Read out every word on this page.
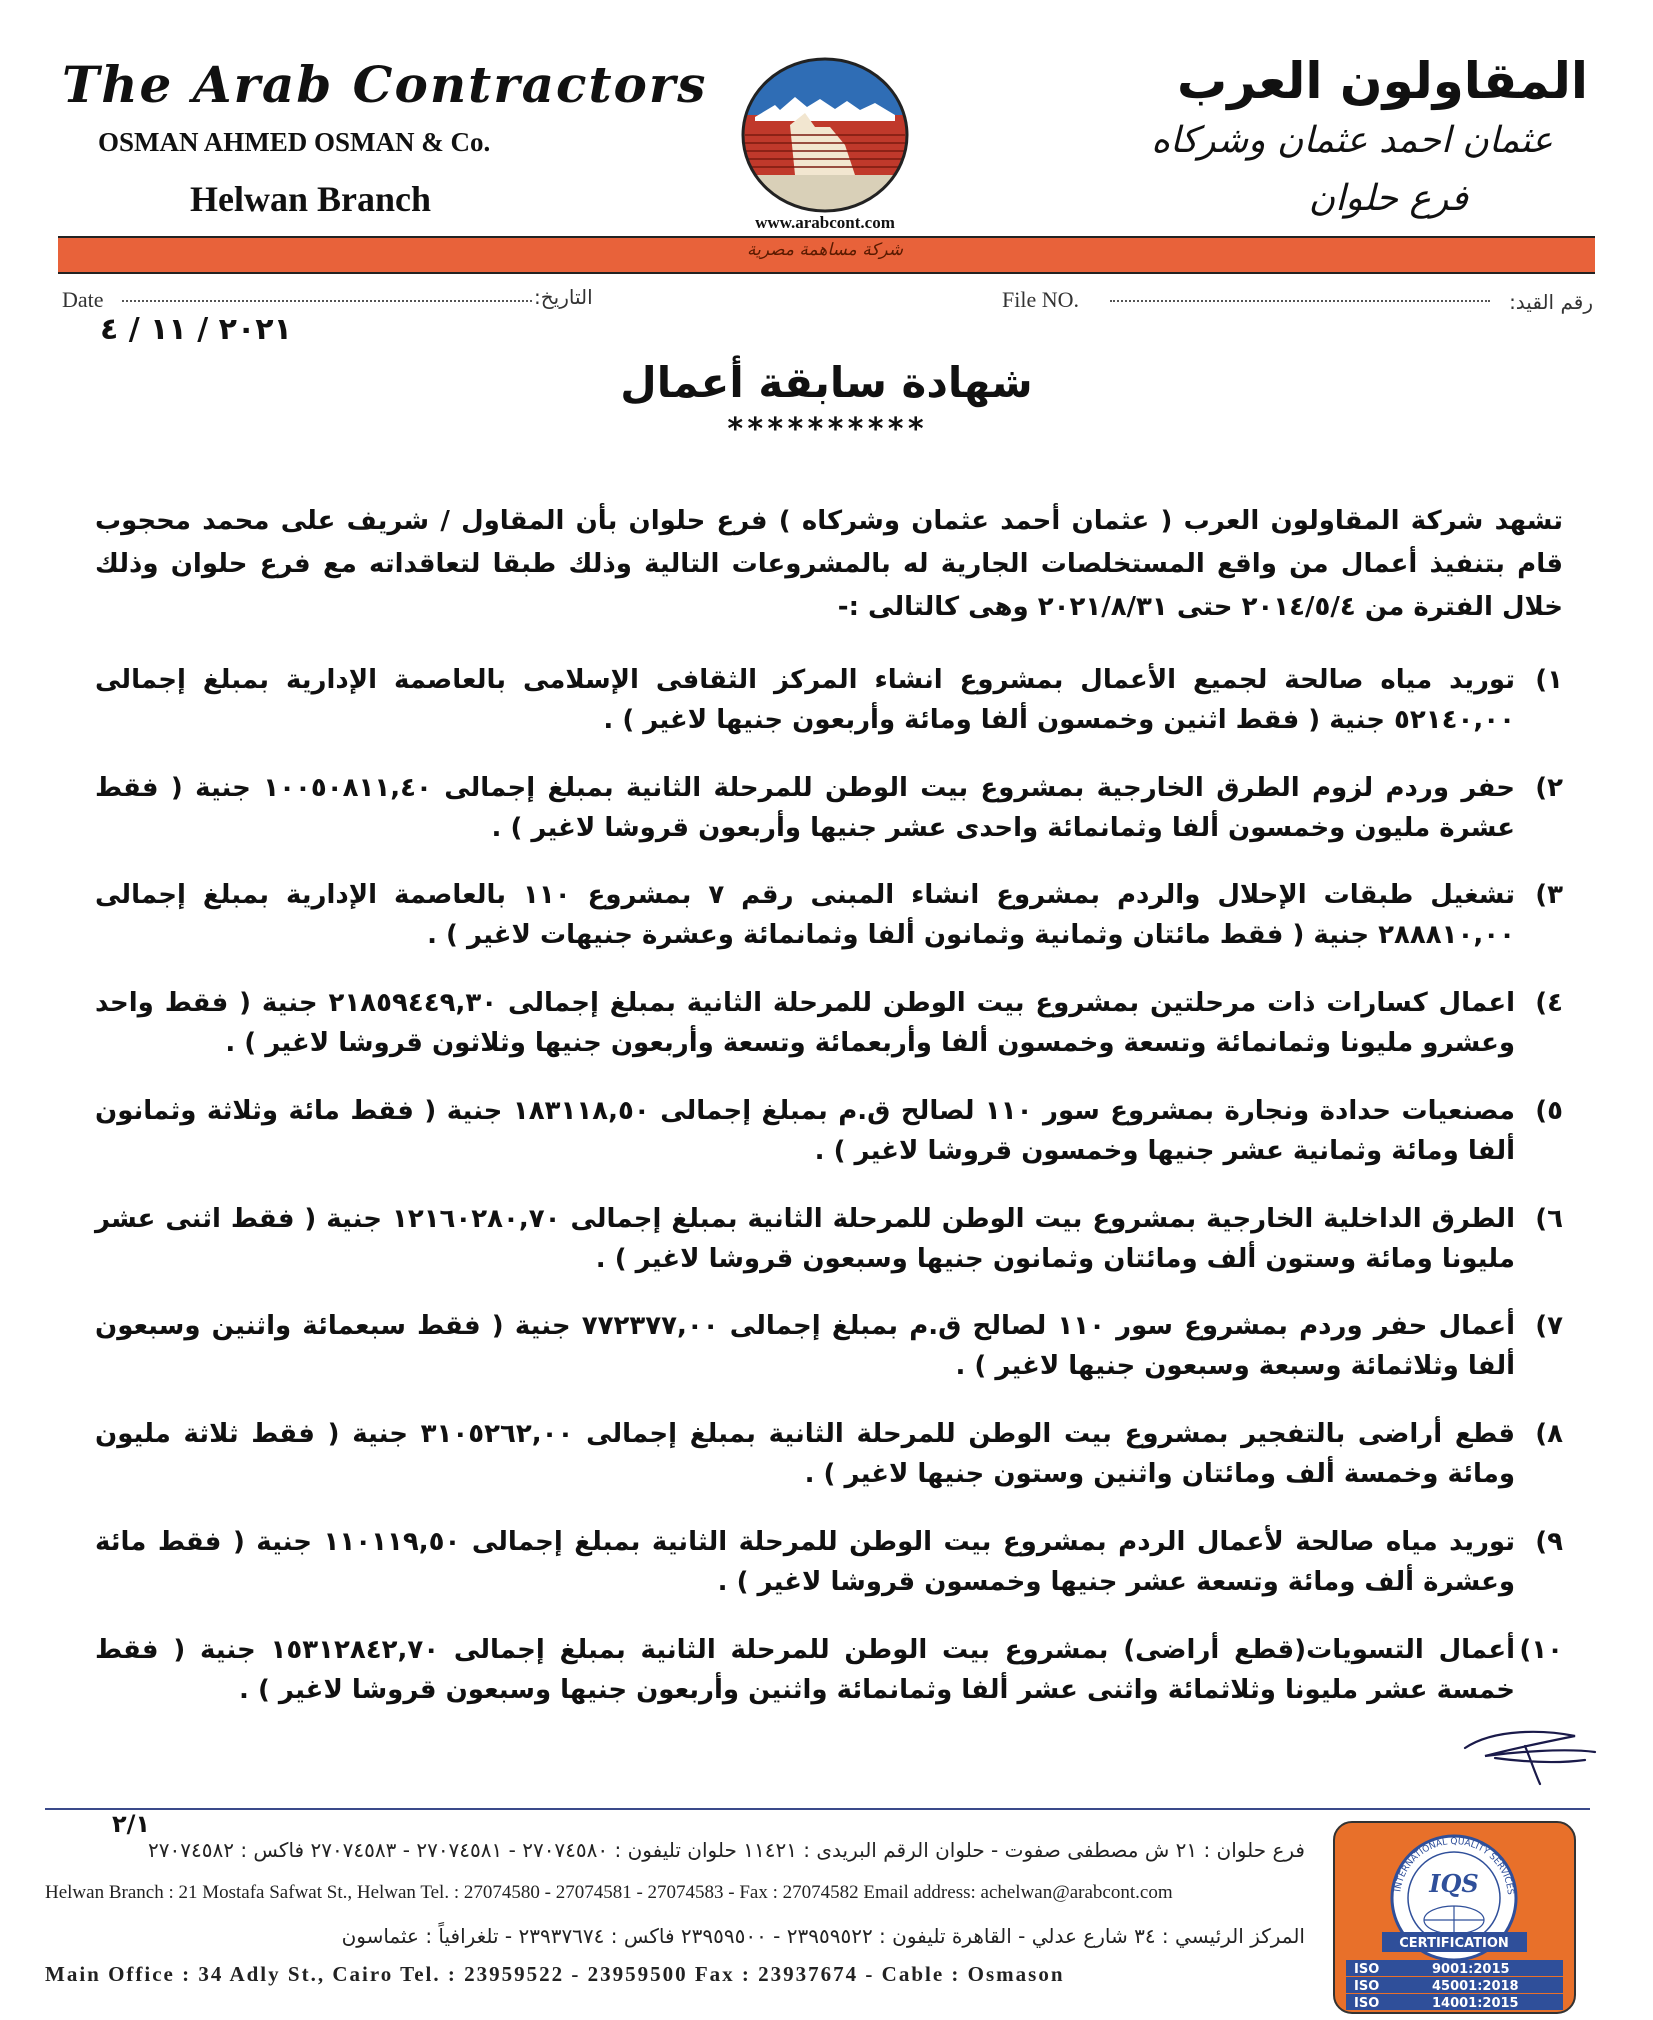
The Arab Contractors
OSMAN AHMED OSMAN & Co.
Helwan Branch
المقاولون العرب
عثمان احمد عثمان وشركاه
فرع حلوان
www.arabcont.com
شركة مساهمة مصرية
Date	التاريخ:	File NO.	رقم القيد:
٢٠٢١ / ١١ / ٤
شهادة سابقة أعمال
**********
تشهد شركة المقاولون العرب ( عثمان أحمد عثمان وشركاه ) فرع حلوان بأن المقاول / شريف على محمد محجوب قام بتنفيذ أعمال من واقع المستخلصات الجارية له بالمشروعات التالية وذلك طبقا لتعاقداته مع فرع حلوان وذلك خلال الفترة من ٢٠١٤/٥/٤ حتى ٢٠٢١/٨/٣١ وهى كالتالى :-
١)
توريد مياه صالحة لجميع الأعمال بمشروع انشاء المركز الثقافى الإسلامى بالعاصمة الإدارية بمبلغ إجمالى ٥٢١٤٠,٠٠ جنية ( فقط اثنين وخمسون ألفا ومائة وأربعون جنيها لاغير ) .
٢)
حفر وردم لزوم الطرق الخارجية بمشروع بيت الوطن للمرحلة الثانية بمبلغ إجمالى ١٠٠٥٠٨١١,٤٠ جنية ( فقط عشرة مليون وخمسون ألفا وثمانمائة واحدى عشر جنيها وأربعون قروشا لاغير ) .
٣)
تشغيل طبقات الإحلال والردم بمشروع انشاء المبنى رقم ٧ بمشروع ١١٠ بالعاصمة الإدارية بمبلغ إجمالى ٢٨٨٨١٠,٠٠ جنية ( فقط مائتان وثمانية وثمانون ألفا وثمانمائة وعشرة جنيهات لاغير ) .
٤)
اعمال كسارات ذات مرحلتين بمشروع بيت الوطن للمرحلة الثانية بمبلغ إجمالى ٢١٨٥٩٤٤٩,٣٠ جنية ( فقط واحد وعشرو مليونا وثمانمائة وتسعة وخمسون ألفا وأربعمائة وتسعة وأربعون جنيها وثلاثون قروشا لاغير ) .
٥)
مصنعيات حدادة ونجارة بمشروع سور ١١٠ لصالح ق.م بمبلغ إجمالى ١٨٣١١٨,٥٠ جنية ( فقط مائة وثلاثة وثمانون ألفا ومائة وثمانية عشر جنيها وخمسون قروشا لاغير ) .
٦)
الطرق الداخلية الخارجية بمشروع بيت الوطن للمرحلة الثانية بمبلغ إجمالى ١٢١٦٠٢٨٠,٧٠ جنية ( فقط اثنى عشر مليونا ومائة وستون ألف ومائتان وثمانون جنيها وسبعون قروشا لاغير ) .
٧)
أعمال حفر وردم بمشروع سور ١١٠ لصالح ق.م بمبلغ إجمالى ٧٧٢٣٧٧,٠٠ جنية ( فقط سبعمائة واثنين وسبعون ألفا وثلاثمائة وسبعة وسبعون جنيها لاغير ) .
٨)
قطع أراضى بالتفجير بمشروع بيت الوطن للمرحلة الثانية بمبلغ إجمالى ٣١٠٥٢٦٢,٠٠ جنية ( فقط ثلاثة مليون ومائة وخمسة ألف ومائتان واثنين وستون جنيها لاغير ) .
٩)
توريد مياه صالحة لأعمال الردم بمشروع بيت الوطن للمرحلة الثانية بمبلغ إجمالى ١١٠١١٩,٥٠ جنية ( فقط مائة وعشرة ألف ومائة وتسعة عشر جنيها وخمسون قروشا لاغير ) .
١٠)
أعمال التسويات(قطع أراضى) بمشروع بيت الوطن للمرحلة الثانية بمبلغ إجمالى ١٥٣١٢٨٤٢,٧٠ جنية ( فقط خمسة عشر مليونا وثلاثمائة واثنى عشر ألفا وثمانمائة واثنين وأربعون جنيها وسبعون قروشا لاغير ) .
٢/١
فرع حلوان : ٢١ ش مصطفى صفوت - حلوان الرقم البريدى : ١١٤٢١ حلوان تليفون : ٢٧٠٧٤٥٨٠ - ٢٧٠٧٤٥٨١ - ٢٧٠٧٤٥٨٣ فاكس : ٢٧٠٧٤٥٨٢
Helwan Branch : 21 Mostafa Safwat St., Helwan Tel. : 27074580 - 27074581 - 27074583 - Fax : 27074582 Email address: achelwan@arabcont.com
المركز الرئيسي : ٣٤ شارع عدلي - القاهرة تليفون : ٢٣٩٥٩٥٢٢ - ٢٣٩٥٩٥٠٠ فاكس : ٢٣٩٣٧٦٧٤ - تلغرافياً : عثماسون
Main Office : 34 Adly St., Cairo Tel. : 23959522 - 23959500 Fax : 23937674 - Cable : Osmason
INTERNATIONAL QUALITY SERVICES
IQS
CERTIFICATION
ISO	9001:2015
ISO	45001:2018
ISO	14001:2015
